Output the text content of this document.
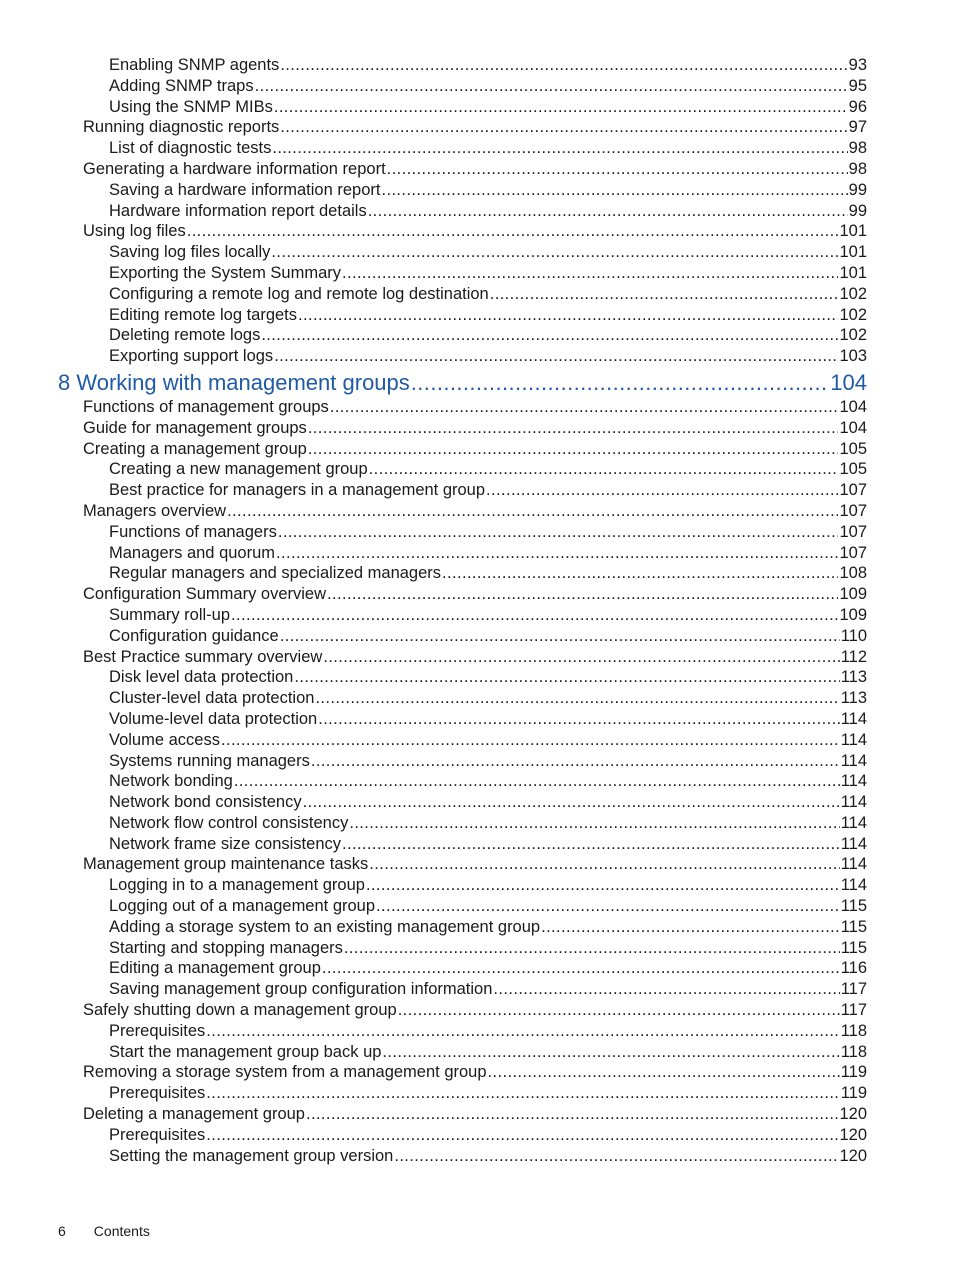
Enabling SNMP agents .....	93
Adding SNMP traps .....	95
Using the SNMP MIBs .....	96
Running diagnostic reports .....	97
List of diagnostic tests .....	98
Generating a hardware information report .....	98
Saving a hardware information report .....	99
Hardware information report details .....	99
Using log files .....	101
Saving log files locally .....	101
Exporting the System Summary .....	101
Configuring a remote log and remote log destination .....	102
Editing remote log targets .....	102
Deleting remote logs .....	102
Exporting support logs .....	103
8 Working with management groups .....	104
Functions of management groups .....	104
Guide for management groups .....	104
Creating a management group .....	105
Creating a new management group .....	105
Best practice for managers in a management group .....	107
Managers overview .....	107
Functions of managers .....	107
Managers and quorum .....	107
Regular managers and specialized managers .....	108
Configuration Summary overview .....	109
Summary roll-up .....	109
Configuration guidance .....	110
Best Practice summary overview .....	112
Disk level data protection .....	113
Cluster-level data protection .....	113
Volume-level data protection .....	114
Volume access .....	114
Systems running managers .....	114
Network bonding .....	114
Network bond consistency .....	114
Network flow control consistency .....	114
Network frame size consistency .....	114
Management group maintenance tasks .....	114
Logging in to a management group .....	114
Logging out of a management group .....	115
Adding a storage system to an existing management group .....	115
Starting and stopping managers .....	115
Editing a management group .....	116
Saving management group configuration information .....	117
Safely shutting down a management group .....	117
Prerequisites .....	118
Start the management group back up .....	118
Removing a storage system from a management group .....	119
Prerequisites .....	119
Deleting a management group .....	120
Prerequisites .....	120
Setting the management group version .....	120
6 Contents
